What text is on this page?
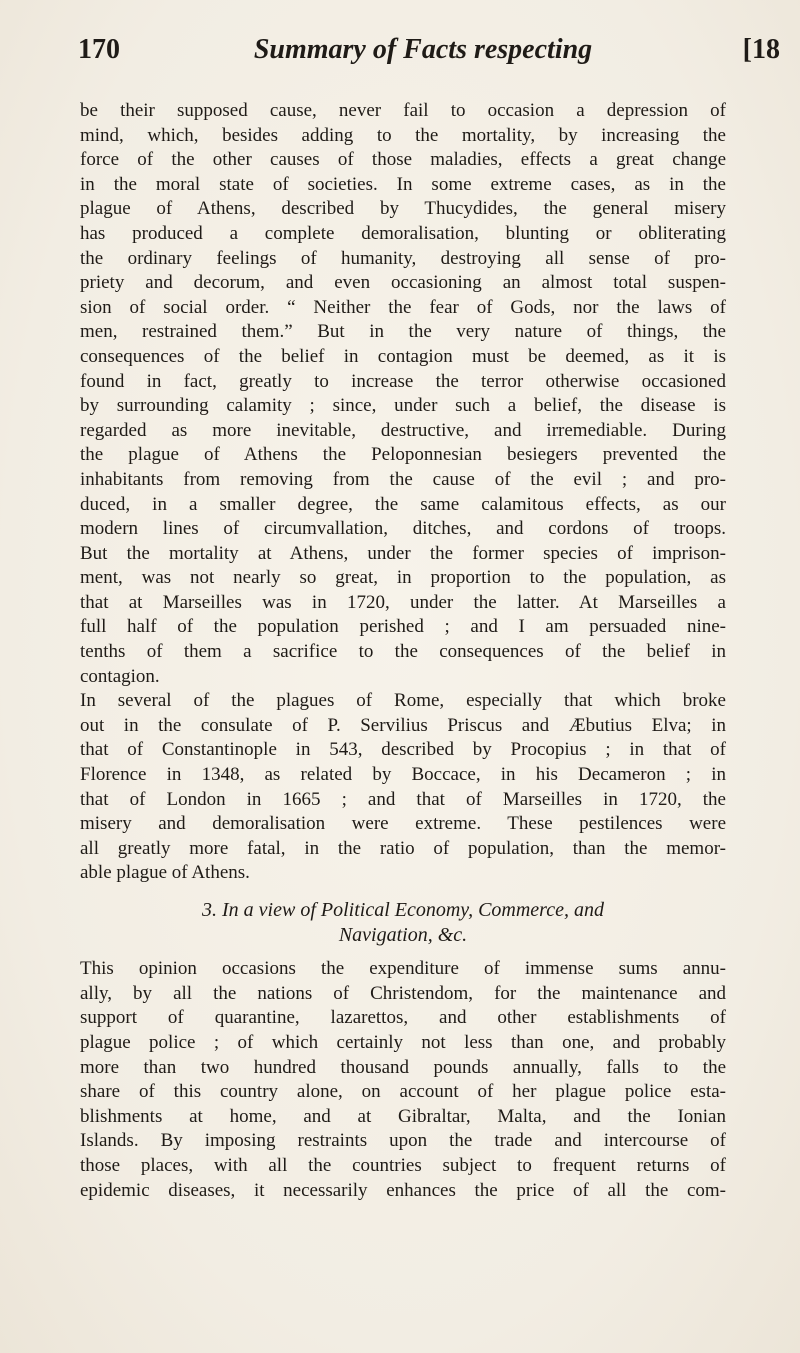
170	Summary of Facts respecting	[18
be their supposed cause, never fail to occasion a depression of
mind, which, besides adding to the mortality, by increasing the
force of the other causes of those maladies, effects a great change
in the moral state of societies. In some extreme cases, as in the
plague of Athens, described by Thucydides, the general misery
has produced a complete demoralisation, blunting or obliterating
the ordinary feelings of humanity, destroying all sense of pro-
priety and decorum, and even occasioning an almost total suspen-
sion of social order. “ Neither the fear of Gods, nor the laws of
men, restrained them.” But in the very nature of things, the
consequences of the belief in contagion must be deemed, as it is
found in fact, greatly to increase the terror otherwise occasioned
by surrounding calamity ; since, under such a belief, the disease is
regarded as more inevitable, destructive, and irremediable. During
the plague of Athens the Peloponnesian besiegers prevented the
inhabitants from removing from the cause of the evil ; and pro-
duced, in a smaller degree, the same calamitous effects, as our
modern lines of circumvallation, ditches, and cordons of troops.
But the mortality at Athens, under the former species of imprison-
ment, was not nearly so great, in proportion to the population, as
that at Marseilles was in 1720, under the latter. At Marseilles a
full half of the population perished ; and I am persuaded nine-
tenths of them a sacrifice to the consequences of the belief in
contagion.
In several of the plagues of Rome, especially that which broke
out in the consulate of P. Servilius Priscus and Æbutius Elva; in
that of Constantinople in 543, described by Procopius ; in that of
Florence in 1348, as related by Boccace, in his Decameron ; in
that of London in 1665 ; and that of Marseilles in 1720, the
misery and demoralisation were extreme. These pestilences were
all greatly more fatal, in the ratio of population, than the memor-
able plague of Athens.
3. In a view of Political Economy, Commerce, and
Navigation, &c.
This opinion occasions the expenditure of immense sums annu-
ally, by all the nations of Christendom, for the maintenance and
support of quarantine, lazarettos, and other establishments of
plague police ; of which certainly not less than one, and probably
more than two hundred thousand pounds annually, falls to the
share of this country alone, on account of her plague police esta-
blishments at home, and at Gibraltar, Malta, and the Ionian
Islands. By imposing restraints upon the trade and intercourse of
those places, with all the countries subject to frequent returns of
epidemic diseases, it necessarily enhances the price of all the com-
